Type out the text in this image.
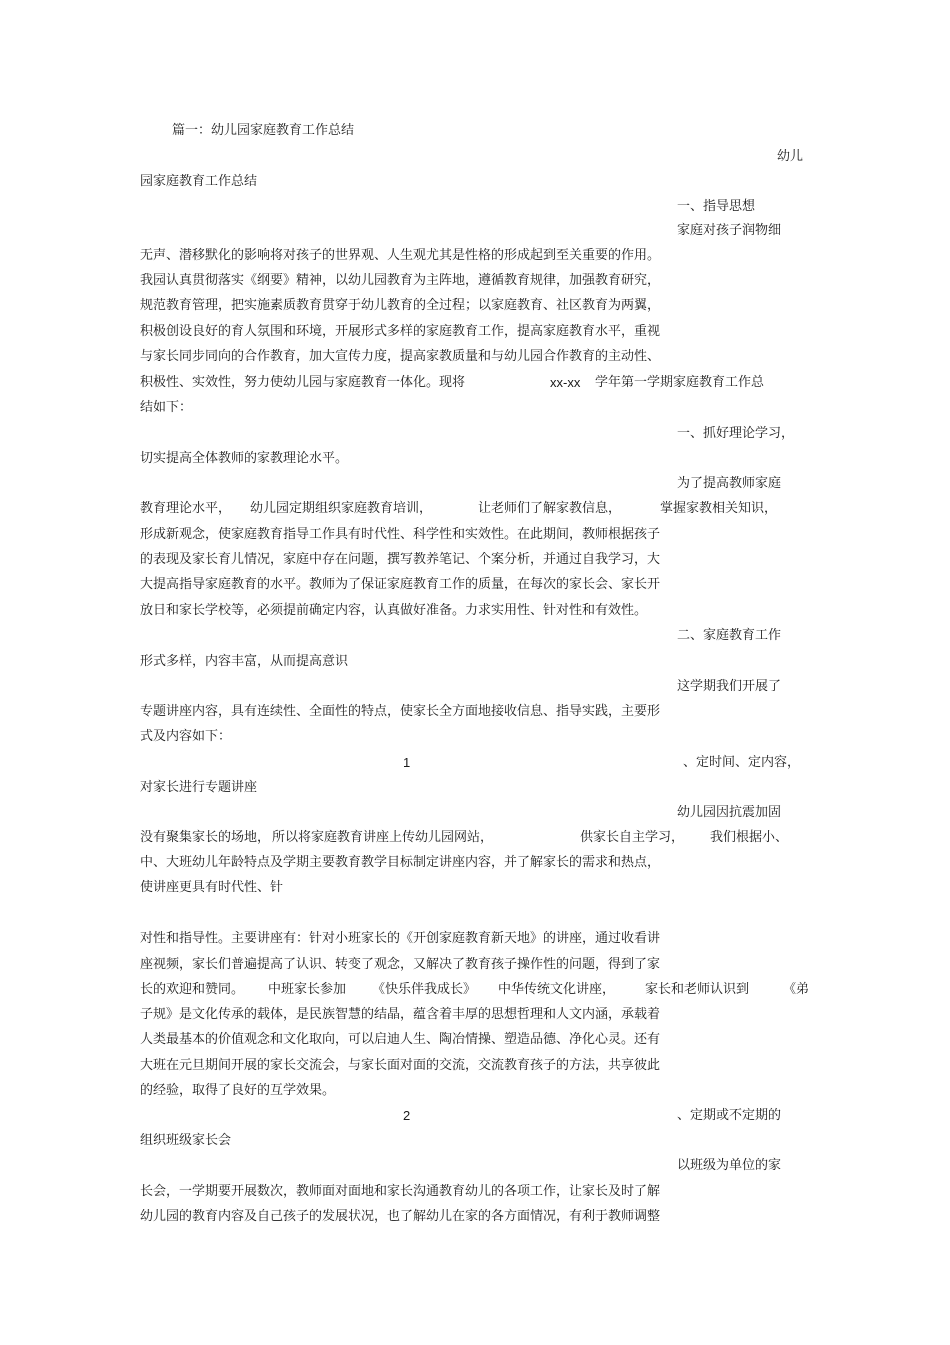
篇一：幼儿园家庭教育工作总结
幼儿
园家庭教育工作总结
一、指导思想
家庭对孩子润物细
无声、潜移默化的影响将对孩子的世界观、人生观尤其是性格的形成起到至关重要的作用。
我园认真贯彻落实《纲要》精神，以幼儿园教育为主阵地，遵循教育规律，加强教育研究，
规范教育管理，把实施素质教育贯穿于幼儿教育的全过程；以家庭教育、社区教育为两翼，
积极创设良好的育人氛围和环境，开展形式多样的家庭教育工作，提高家庭教育水平，重视
与家长同步同向的合作教育，加大宣传力度，提高家教质量和与幼儿园合作教育的主动性、
积极性、实效性，努力使幼儿园与家庭教育一体化。现将	xx-xx 学年第一学期家庭教育工作总
结如下：
一、抓好理论学习，
切实提高全体教师的家教理论水平。
为了提高教师家庭
教育理论水平， 幼儿园定期组织家庭教育培训，	让老师们了解家教信息，	掌握家教相关知识，
形成新观念，使家庭教育指导工作具有时代性、科学性和实效性。在此期间，教师根据孩子
的表现及家长育儿情况，家庭中存在问题，撰写教养笔记、个案分析，并通过自我学习，大
大提高指导家庭教育的水平。教师为了保证家庭教育工作的质量，在每次的家长会、家长开
放日和家长学校等，必须提前确定内容，认真做好准备。力求实用性、针对性和有效性。
二、家庭教育工作
形式多样，内容丰富，从而提高意识
这学期我们开展了
专题讲座内容，具有连续性、全面性的特点，使家长全方面地接收信息、指导实践，主要形
式及内容如下：
1	、定时间、定内容，
对家长进行专题讲座
幼儿园因抗震加固
没有聚集家长的场地， 所以将家庭教育讲座上传幼儿园网站，	供家长自主学习， 我们根据小、
中、大班幼儿年龄特点及学期主要教育教学目标制定讲座内容，并了解家长的需求和热点，
使讲座更具有时代性、针
对性和指导性。主要讲座有：针对小班家长的《开创家庭教育新天地》的讲座，通过收看讲
座视频，家长们普遍提高了认识、转变了观念，又解决了教育孩子操作性的问题，得到了家
长的欢迎和赞同。 中班家长参加 《快乐伴我成长》 中华传统文化讲座， 家长和老师认识到	《弟
子规》是文化传承的载体，是民族智慧的结晶，蕴含着丰厚的思想哲理和人文内涵，承载着
人类最基本的价值观念和文化取向，可以启迪人生、陶冶情操、塑造品德、净化心灵。还有
大班在元旦期间开展的家长交流会，与家长面对面的交流，交流教育孩子的方法，共享彼此
的经验，取得了良好的互学效果。
2	、定期或不定期的
组织班级家长会
以班级为单位的家
长会，一学期要开展数次，教师面对面地和家长沟通教育幼儿的各项工作，让家长及时了解
幼儿园的教育内容及自己孩子的发展状况，也了解幼儿在家的各方面情况，有利于教师调整
